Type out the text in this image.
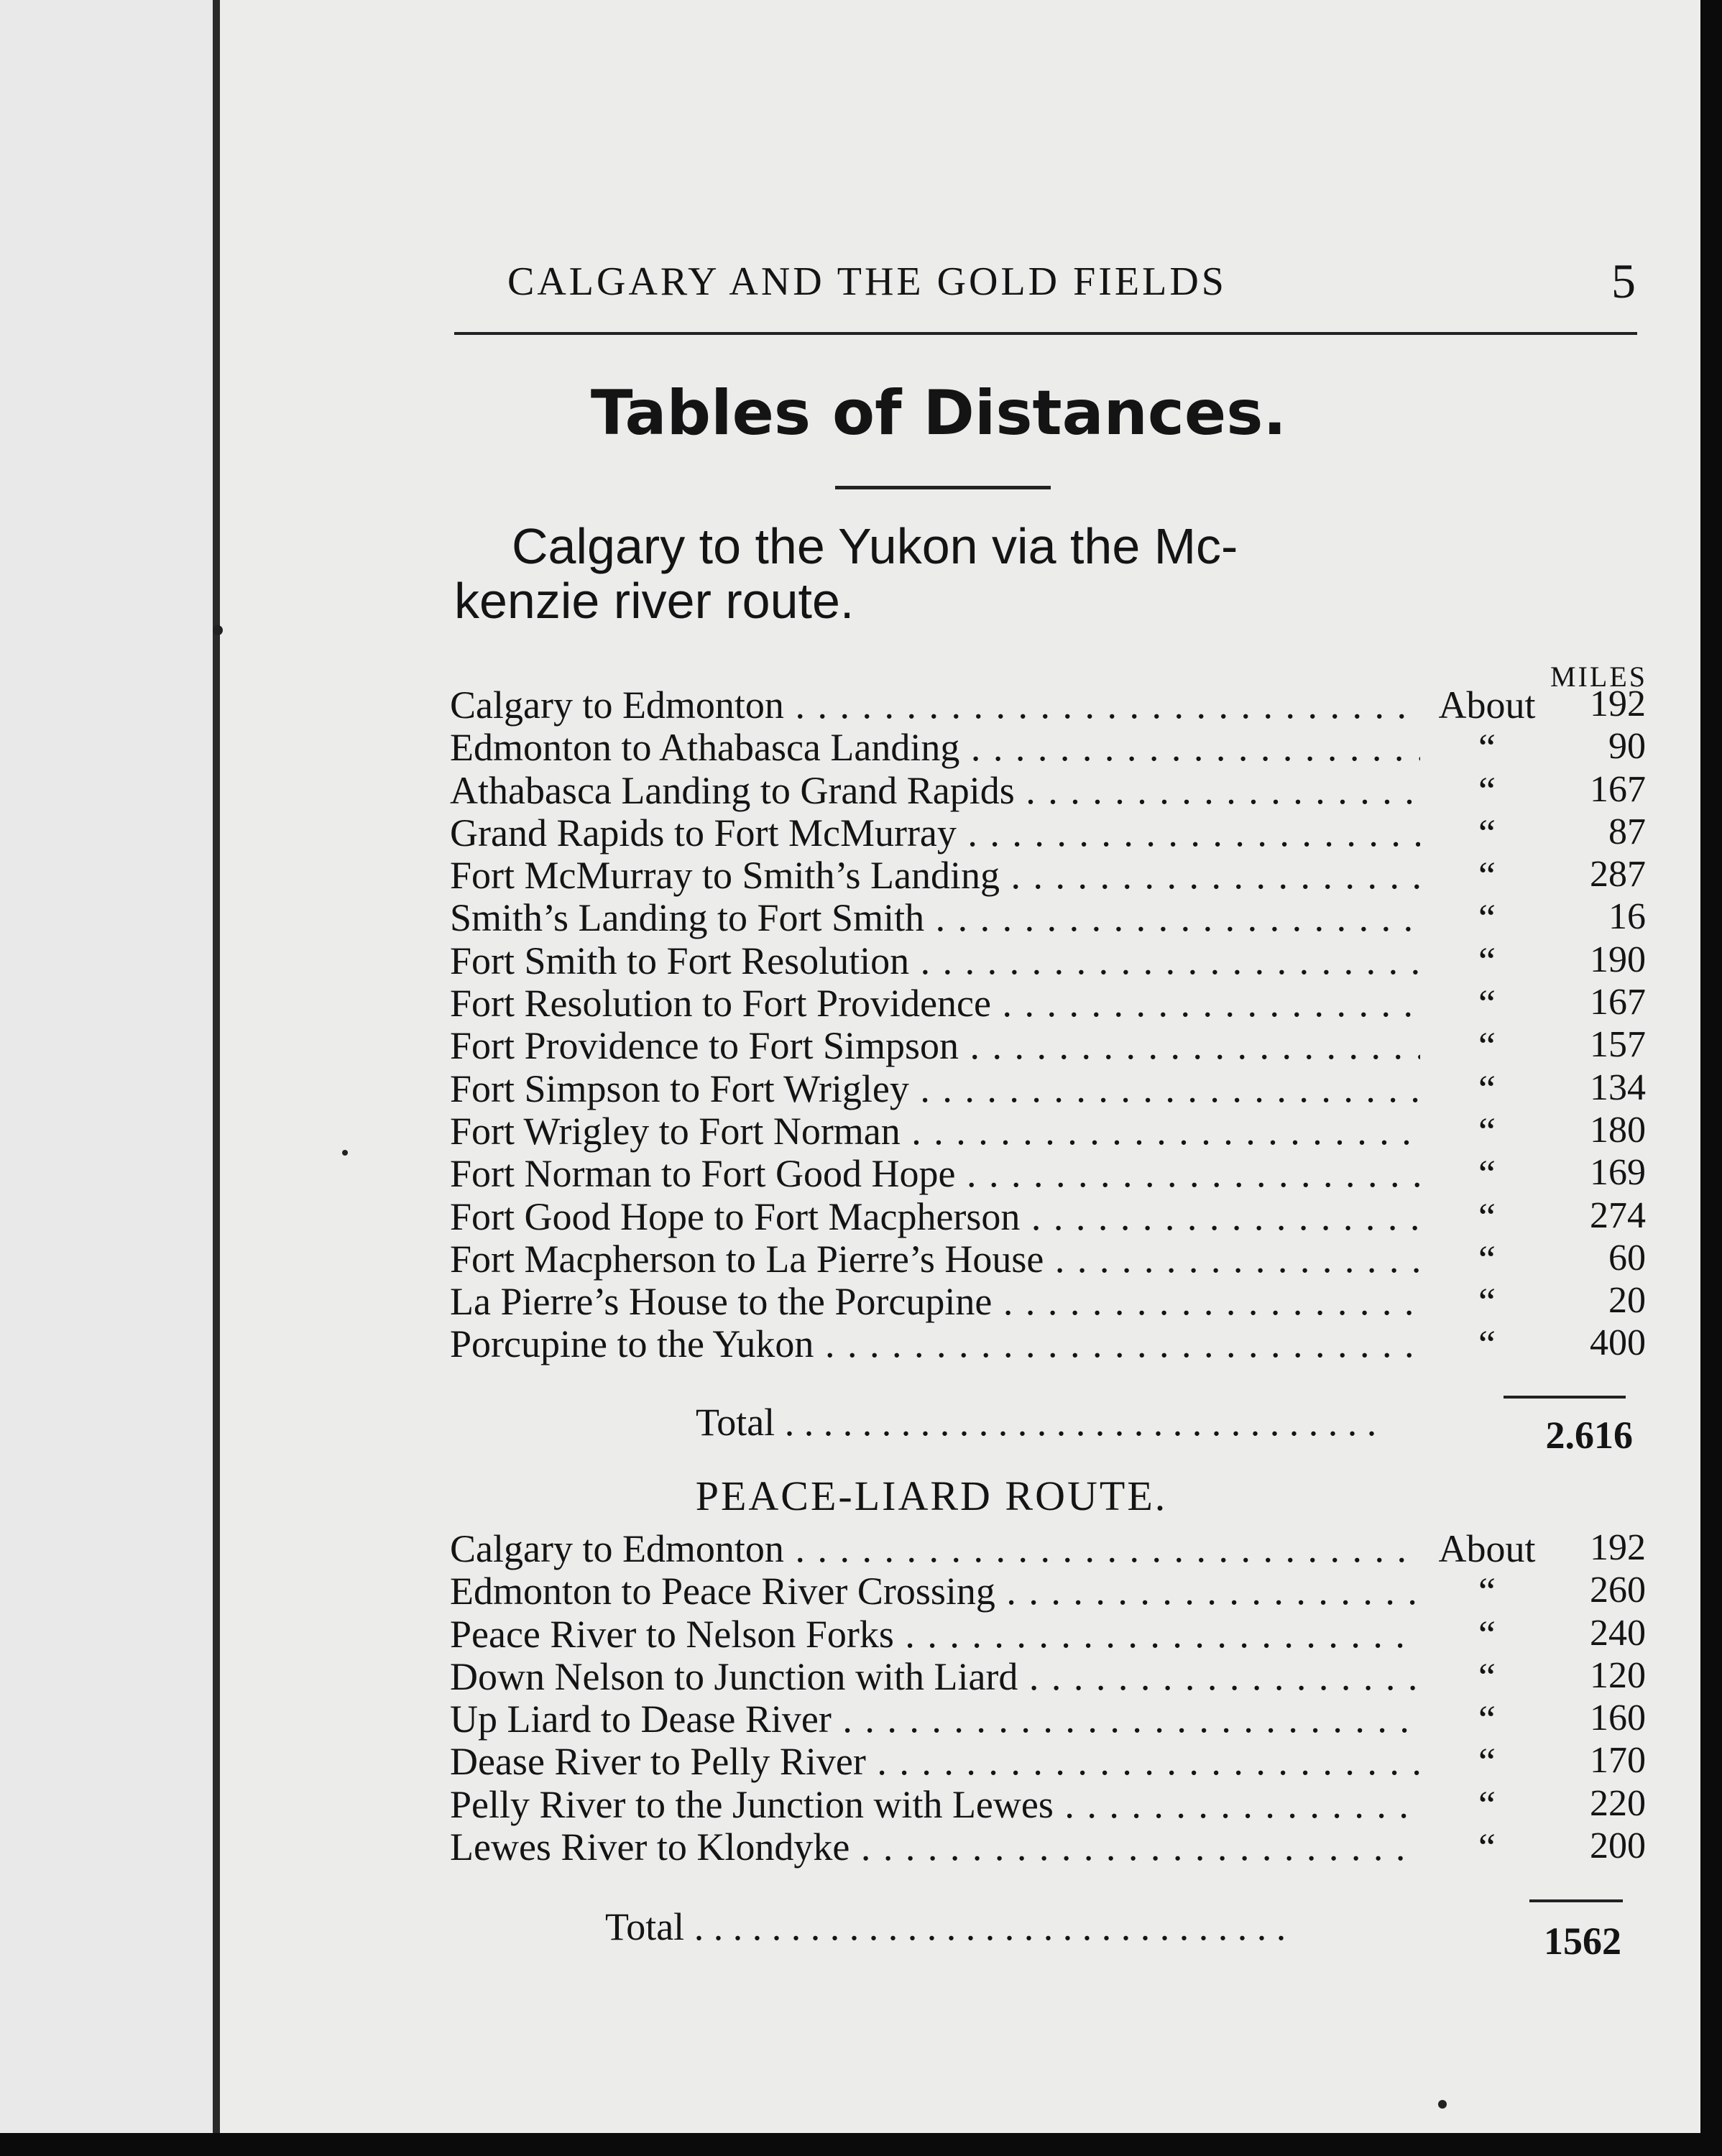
CALGARY AND THE GOLD FIELDS	5
Tables of Distances.
Calgary to the Yukon via the Mc-
kenzie river route.
MILES
Calgary to Edmonton . . .	About	192
Edmonton to Athabasca Landing . . .	“	90
Athabasca Landing to Grand Rapids . . .	“	167
Grand Rapids to Fort McMurray . . .	“	87
Fort McMurray to Smith’s Landing . . .	“	287
Smith’s Landing to Fort Smith . . .	“	16
Fort Smith to Fort Resolution . . .	“	190
Fort Resolution to Fort Providence . . .	“	167
Fort Providence to Fort Simpson . . .	“	157
Fort Simpson to Fort Wrigley . . .	“	134
Fort Wrigley to Fort Norman . . .	“	180
Fort Norman to Fort Good Hope . . .	“	169
Fort Good Hope to Fort Macpherson . . .	“	274
Fort Macpherson to La Pierre’s House . . .	“	60
La Pierre’s House to the Porcupine . . .	“	20
Porcupine to the Yukon . . .	“	400
Total . . .	2.616
PEACE-LIARD ROUTE.
Calgary to Edmonton . . .	About	192
Edmonton to Peace River Crossing . . .	“	260
Peace River to Nelson Forks . . .	“	240
Down Nelson to Junction with Liard . . .	“	120
Up Liard to Dease River . . .	“	160
Dease River to Pelly River . . .	“	170
Pelly River to the Junction with Lewes . . .	“	220
Lewes River to Klondyke . . .	“	200
Total . . .	1562
